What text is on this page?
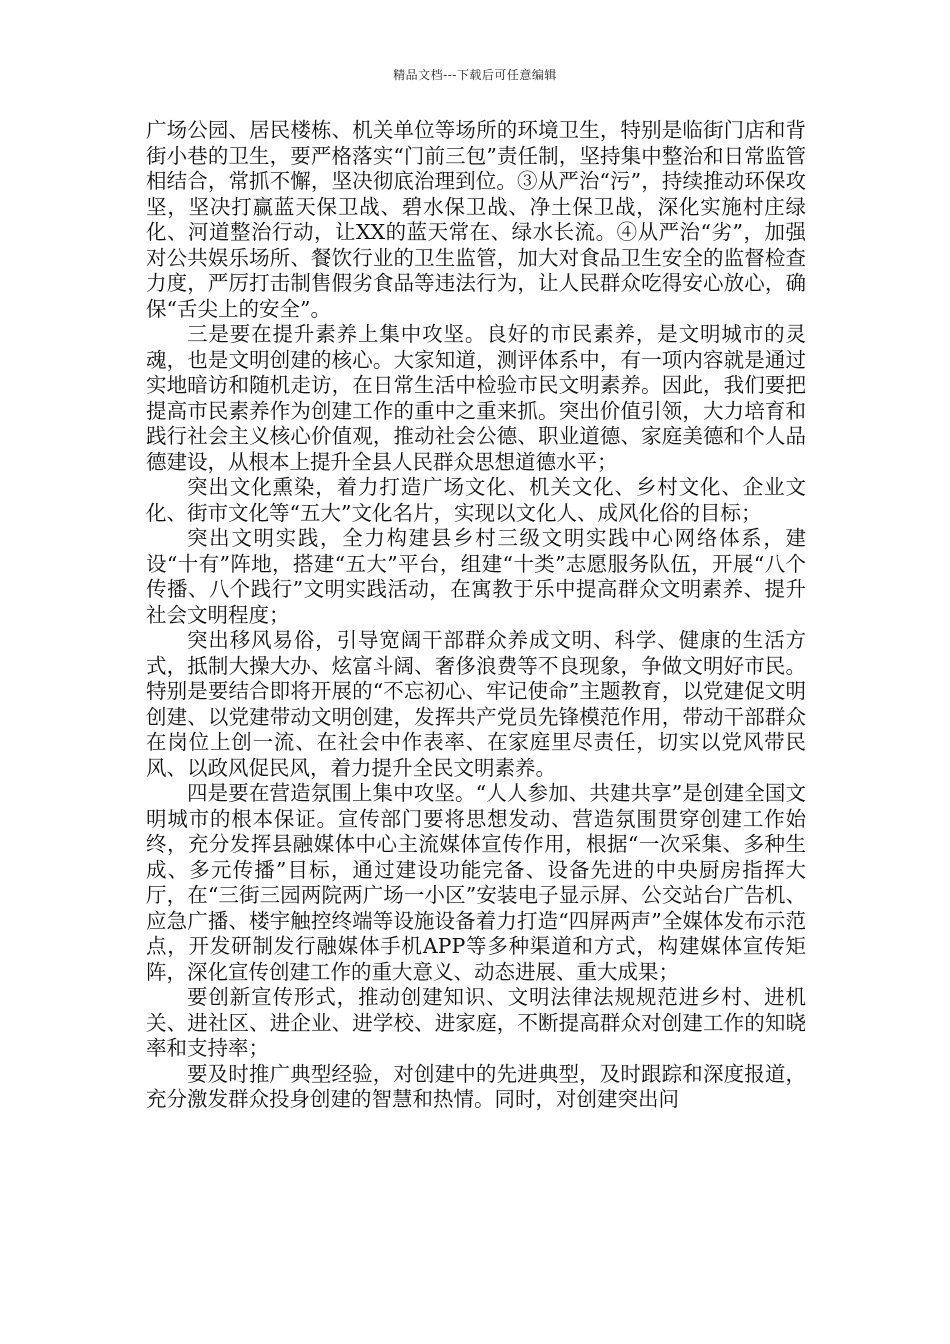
精品文档---下载后可任意编辑

广场公园、居民楼栋、机关单位等场所的环境卫生，特别是临街门店和背街小巷的卫生，要严格落实“门前三包”责任制，坚持集中整治和日常监管相结合，常抓不懈，坚决彻底治理到位。③从严治“污”，持续推动环保攻坚，坚决打赢蓝天保卫战、碧水保卫战、净土保卫战，深化实施村庄绿化、河道整治行动，让XX的蓝天常在、绿水长流。④从严治“劣”，加强对公共娱乐场所、餐饮行业的卫生监管，加大对食品卫生安全的监督检查力度，严厉打击制售假劣食品等违法行为，让人民群众吃得安心放心，确保“舌尖上的安全”。

三是要在提升素养上集中攻坚。良好的市民素养，是文明城市的灵魂，也是文明创建的核心。大家知道，测评体系中，有一项内容就是通过实地暗访和随机走访，在日常生活中检验市民文明素养。因此，我们要把提高市民素养作为创建工作的重中之重来抓。突出价值引领，大力培育和践行社会主义核心价值观，推动社会公德、职业道德、家庭美德和个人品德建设，从根本上提升全县人民群众思想道德水平；

突出文化熏染，着力打造广场文化、机关文化、乡村文化、企业文化、街市文化等“五大”文化名片，实现以文化人、成风化俗的目标；

突出文明实践，全力构建县乡村三级文明实践中心网络体系，建设“十有”阵地，搭建“五大”平台，组建“十类”志愿服务队伍，开展“八个传播、八个践行”文明实践活动，在寓教于乐中提高群众文明素养、提升社会文明程度；

突出移风易俗，引导宽阔干部群众养成文明、科学、健康的生活方式，抵制大操大办、炫富斗阔、奢侈浪费等不良现象，争做文明好市民。特别是要结合即将开展的“不忘初心、牢记使命”主题教育，以党建促文明创建、以党建带动文明创建，发挥共产党员先锋模范作用，带动干部群众在岗位上创一流、在社会中作表率、在家庭里尽责任，切实以党风带民风、以政风促民风，着力提升全民文明素养。

四是要在营造氛围上集中攻坚。“人人参加、共建共享”是创建全国文明城市的根本保证。宣传部门要将思想发动、营造氛围贯穿创建工作始终，充分发挥县融媒体中心主流媒体宣传作用，根据“一次采集、多种生成、多元传播”目标，通过建设功能完备、设备先进的中央厨房指挥大厅，在“三街三园两院两广场一小区”安装电子显示屏、公交站台广告机、应急广播、楼宇触控终端等设施设备着力打造“四屏两声”全媒体发布示范点，开发研制发行融媒体手机APP等多种渠道和方式，构建媒体宣传矩阵，深化宣传创建工作的重大意义、动态进展、重大成果；

要创新宣传形式，推动创建知识、文明法律法规规范进乡村、进机关、进社区、进企业、进学校、进家庭，不断提高群众对创建工作的知晓率和支持率；

要及时推广典型经验，对创建中的先进典型，及时跟踪和深度报道，充分激发群众投身创建的智慧和热情。同时，对创建突出问
